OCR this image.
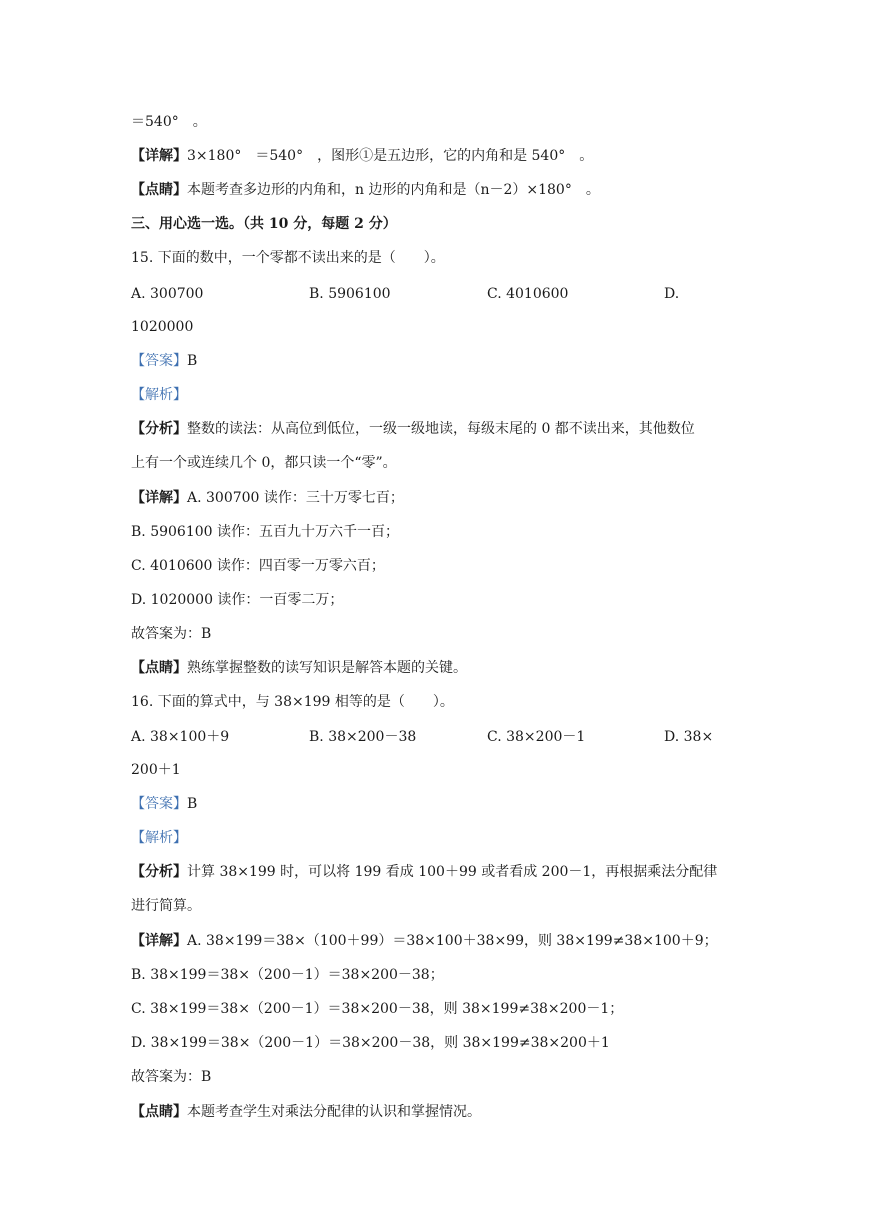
＝540°　。
【详解】3×180°　＝540°　，图形①是五边形，它的内角和是 540°　。
【点睛】本题考查多边形的内角和，n 边形的内角和是（n－2）×180°　。
三、用心选一选。（共 10 分，每题 2 分）
15. 下面的数中，一个零都不读出来的是（　　）。
A. 300700	B. 5906100	C. 4010600	D.
1020000
【答案】B
【解析】
【分析】整数的读法：从高位到低位，一级一级地读，每级末尾的 0 都不读出来，其他数位
上有一个或连续几个 0，都只读一个“零”。
【详解】A. 300700 读作：三十万零七百；
B. 5906100 读作：五百九十万六千一百；
C. 4010600 读作：四百零一万零六百；
D. 1020000 读作：一百零二万；
故答案为：B
【点睛】熟练掌握整数的读写知识是解答本题的关键。
16. 下面的算式中，与 38×199 相等的是（　　）。
A. 38×100＋9	B. 38×200－38	C. 38×200－1	D. 38×
200＋1
【答案】B
【解析】
【分析】计算 38×199 时，可以将 199 看成 100＋99 或者看成 200－1，再根据乘法分配律
进行简算。
【详解】A. 38×199＝38×（100＋99）＝38×100＋38×99，则 38×199≠38×100＋9；
B. 38×199＝38×（200－1）＝38×200－38；
C. 38×199＝38×（200－1）＝38×200－38，则 38×199≠38×200－1；
D. 38×199＝38×（200－1）＝38×200－38，则 38×199≠38×200＋1
故答案为：B
【点睛】本题考查学生对乘法分配律的认识和掌握情况。
